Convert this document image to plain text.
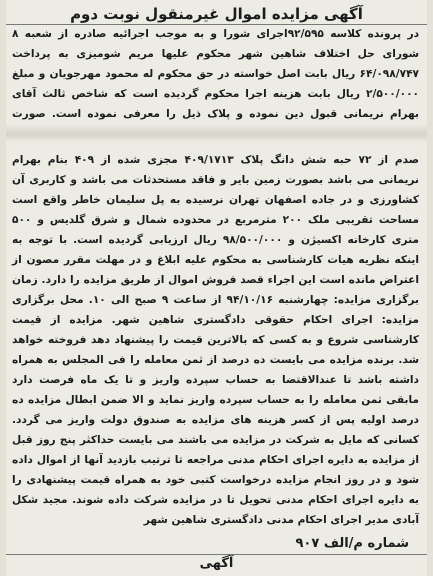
آگهی مزایده اموال غیرمنقول نوبت دوم
در پرونده کلاسه ۹۲/۵۹۵اجرای شورا و به موجب اجرائیه صادره از شعبه ۸ شورای حل اختلاف شاهین شهر محکوم علیها مریم شومیزی به پرداخت ۶۴/۰۹۸/۷۴۷ ریال بابت اصل خواسته در حق محکوم له محمود مهرجویان و مبلغ ۲/۵۰۰/۰۰۰ ریال بابت هزینه اجرا محکوم گردیده است که شاخص ثالث آقای بهرام نریمانی قبول دین نموده و پلاک ذیل را معرفی نموده است. صورت
صدم از ۷۲ حبه شش دانگ پلاک ۴۰۹/۱۷۱۳ مجزی شده از ۴۰۹ بنام بهرام نریمانی می باشد بصورت زمین بایر و فاقد مستحدثات می باشد و کاربری آن کشاورزی و در جاده اصفهان تهران نرسیده به پل سلیمان خاطر واقع است مساحت تقریبی ملک ۲۰۰ مترمربع در محدوده شمال و شرق گلدیس و ۵۰۰ متری کارخانه اکسیژن و ۹۸/۵۰۰/۰۰۰ ریال ارزیابی گردیده است. با توجه به اینکه نظریه هیات کارشناسی به محکوم علیه ابلاغ و در مهلت مقرر مصون از اعتراض مانده است این اجراء قصد فروش اموال از طریق مزایده را دارد. زمان برگزاری مزایده: چهارشنبه ۹۴/۱۰/۱۶ از ساعت ۹ صبح الی ۱۰. محل برگزاری مزایده: اجرای احکام حقوقی دادگستری شاهین شهر. مزایده از قیمت کارشناسی شروع و به کسی که بالاترین قیمت را پیشنهاد دهد فروخته خواهد شد. برنده مزایده می بایست ده درصد از ثمن معامله را فی المجلس به همراه داشته باشد تا عندالاقتضا به حساب سپرده واریز و تا یک ماه فرصت دارد مابقی ثمن معامله را به حساب سپرده واریز نماید و الا ضمن ابطال مزایده ده درصد اولیه پس از کسر هزینه های مزایده به صندوق دولت واریز می گردد. کسانی که مایل به شرکت در مزایده می باشند می بایست حداکثر پنج روز قبل از مزایده به دایره اجرای احکام مدنی مراجعه تا ترتیب بازدید آنها از اموال داده شود و در روز انجام مزایده درخواست کتبی خود به همراه قیمت پیشنهادی را به دایره اجرای احکام مدنی تحویل تا در مزایده شرکت داده شوند. مجید شکل آبادی مدیر اجرای احکام مدنی دادگستری شاهین شهر
شماره م/الف ۹۰۷
آگهی
